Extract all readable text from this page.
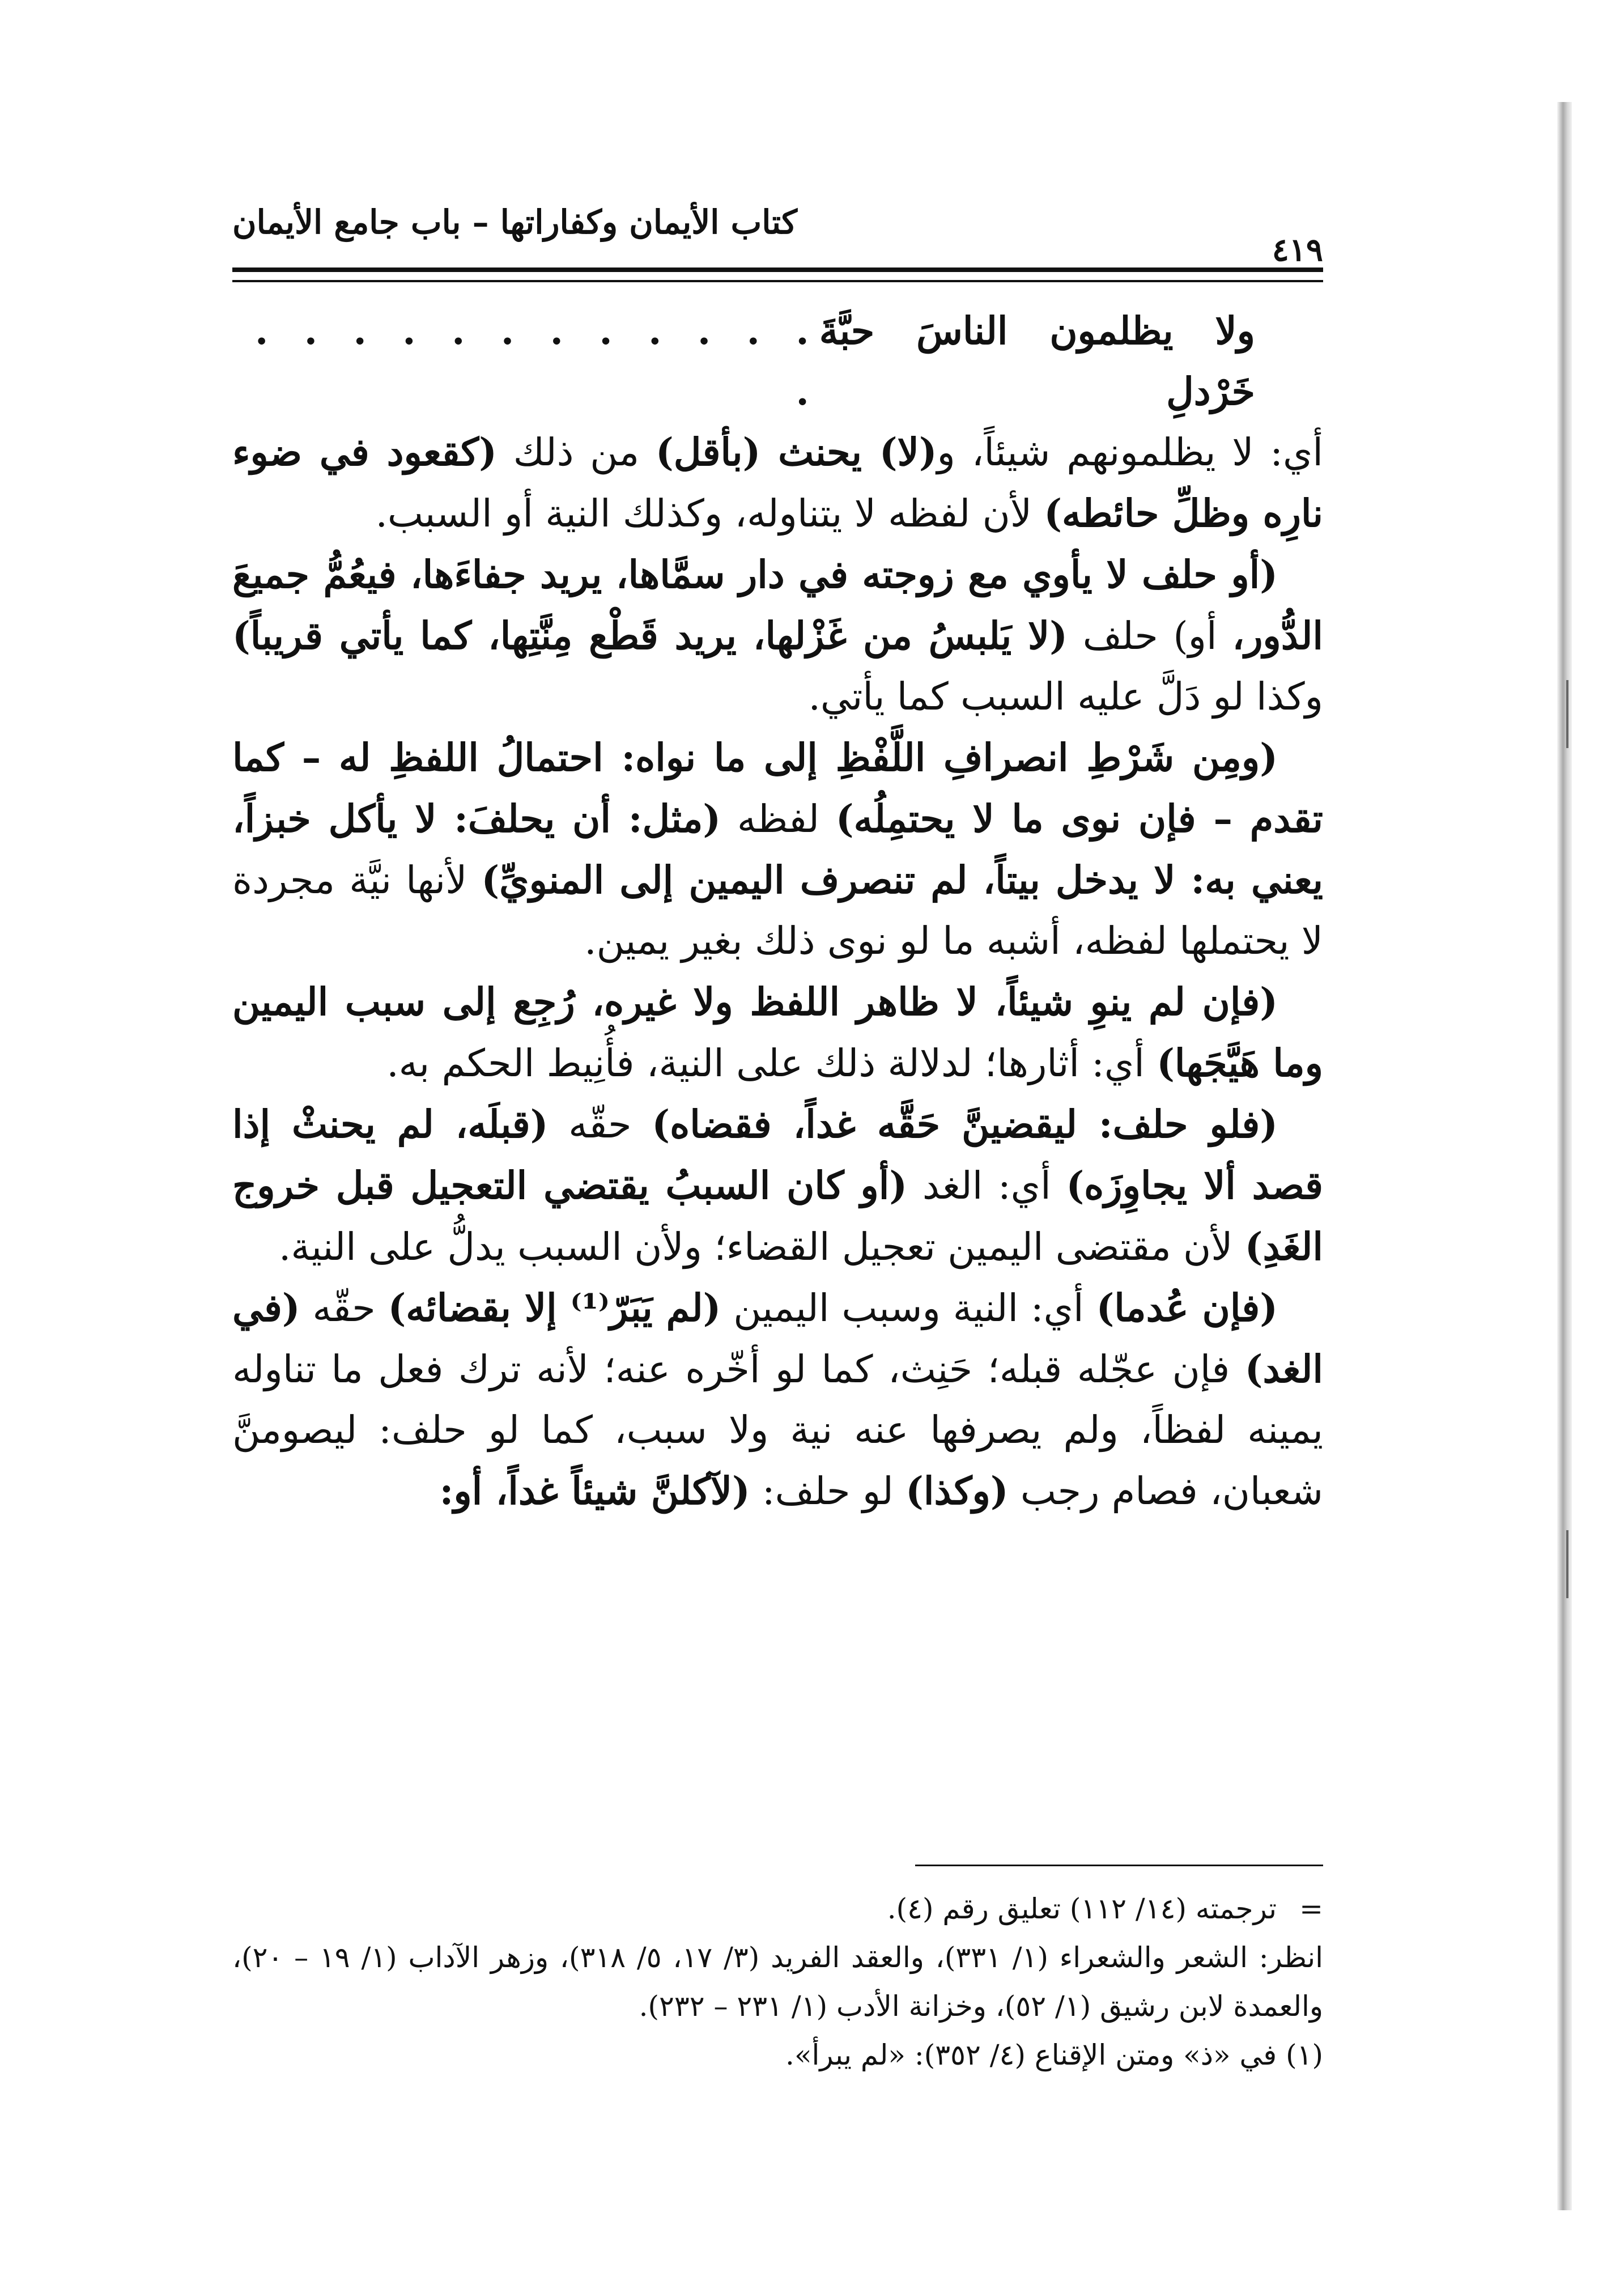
٤١٩
كتاب الأيمان وكفاراتها – باب جامع الأيمان
ولا يظلمون الناسَ حبَّةَ خَرْدلِ
. . . . . . . . . . . . .

أي: لا يظلمونهم شيئاً، و(لا) يحنث (بأقل) من ذلك (كقعود في ضوء نارِه وظلِّ حائطه) لأن لفظه لا يتناوله، وكذلك النية أو السبب.

(أو حلف لا يأوي مع زوجته في دار سمَّاها، يريد جفاءَها، فيعُمُّ جميعَ الدُّور، أو) حلف (لا يَلبسُ من غَزْلها، يريد قَطْع مِنَّتِها، كما يأتي قريباً) وكذا لو دَلَّ عليه السبب كما يأتي.

(ومِن شَرْطِ انصرافِ اللَّفْظِ إلى ما نواه: احتمالُ اللفظِ له – كما تقدم – فإن نوى ما لا يحتمِلُه) لفظه (مثل: أن يحلفَ: لا يأكل خبزاً، يعني به: لا يدخل بيتاً، لم تنصرف اليمين إلى المنويِّ) لأنها نيَّة مجردة لا يحتملها لفظه، أشبه ما لو نوى ذلك بغير يمين.

(فإن لم ينوِ شيئاً، لا ظاهر اللفظ ولا غيره، رُجِع إلى سبب اليمين وما هَيَّجَها) أي: أثارها؛ لدلالة ذلك على النية، فأُنِيط الحكم به.

(فلو حلف: ليقضينَّ حَقَّه غداً، فقضاه) حقّه (قبلَه، لم يحنثْ إذا قصد ألا يجاوِزَه) أي: الغد (أو كان السببُ يقتضي التعجيل قبل خروج الغَدِ) لأن مقتضى اليمين تعجيل القضاء؛ ولأن السبب يدلُّ على النية.

(فإن عُدما) أي: النية وسبب اليمين (لم يَبَرّ⁽¹⁾ إلا بقضائه) حقّه (في الغد) فإن عجّله قبله؛ حَنِث، كما لو أخّره عنه؛ لأنه ترك فعل ما تناوله يمينه لفظاً، ولم يصرفها عنه نية ولا سبب، كما لو حلف: ليصومنَّ شعبان، فصام رجب (وكذا) لو حلف: (لآكلنَّ شيئاً غداً، أو:

=ترجمته (١٤/ ١١٢) تعليق رقم (٤).

انظر: الشعر والشعراء (١/ ٣٣١)، والعقد الفريد (٣/ ١٧، ٥/ ٣١٨)، وزهر الآداب (١/ ١٩ – ٢٠)، والعمدة لابن رشيق (١/ ٥٢)، وخزانة الأدب (١/ ٢٣١ – ٢٣٢).

(١)في «ذ» ومتن الإقناع (٤/ ٣٥٢): «لم يبرأ».
